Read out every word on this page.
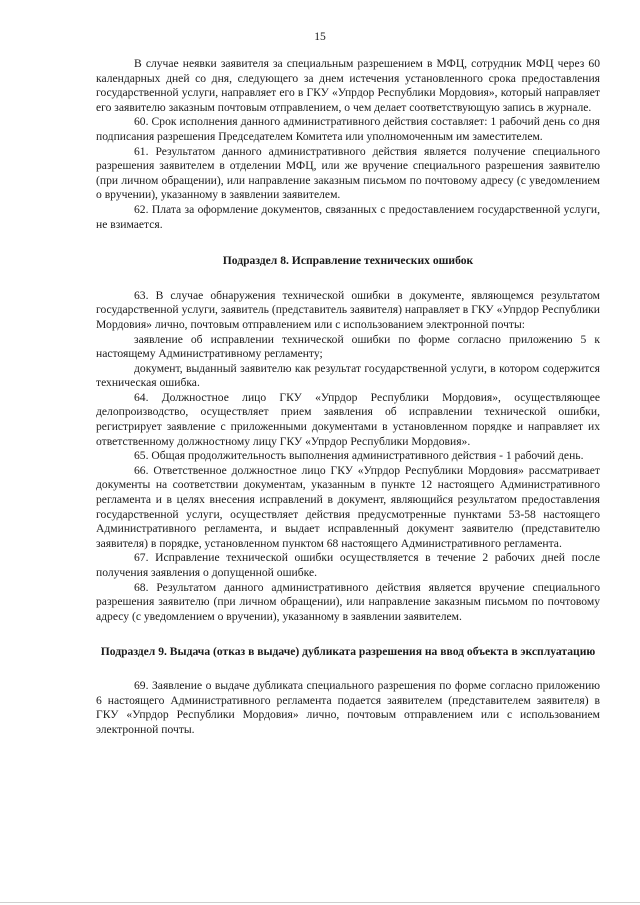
15

В случае неявки заявителя за специальным разрешением в МФЦ, сотрудник МФЦ через 60 календарных дней со дня, следующего за днем истечения установленного срока предоставления государственной услуги, направляет его в ГКУ «Упрдор Республики Мордовия», который направляет его заявителю заказным почтовым отправлением, о чем делает соответствующую запись в журнале.

60. Срок исполнения данного административного действия составляет: 1 рабочий день со дня подписания разрешения Председателем Комитета или уполномоченным им заместителем.

61. Результатом данного административного действия является получение специального разрешения заявителем в отделении МФЦ, или же вручение специального разрешения заявителю (при личном обращении), или направление заказным письмом по почтовому адресу (с уведомлением о вручении), указанному в заявлении заявителем.

62. Плата за оформление документов, связанных с предоставлением государственной услуги, не взимается.

Подраздел 8. Исправление технических ошибок

63. В случае обнаружения технической ошибки в документе, являющемся результатом государственной услуги, заявитель (представитель заявителя) направляет в ГКУ «Упрдор Республики Мордовия» лично, почтовым отправлением или с использованием электронной почты:

заявление об исправлении технической ошибки по форме согласно приложению 5 к настоящему Административному регламенту;

документ, выданный заявителю как результат государственной услуги, в котором содержится техническая ошибка.

64. Должностное лицо ГКУ «Упрдор Республики Мордовия», осуществляющее делопроизводство, осуществляет прием заявления об исправлении технической ошибки, регистрирует заявление с приложенными документами в установленном порядке и направляет их ответственному должностному лицу ГКУ «Упрдор Республики Мордовия».

65. Общая продолжительность выполнения административного действия - 1 рабочий день.

66. Ответственное должностное лицо ГКУ «Упрдор Республики Мордовия» рассматривает документы на соответствии документам, указанным в пункте 12 настоящего Административного регламента и в целях внесения исправлений в документ, являющийся результатом предоставления государственной услуги, осуществляет действия предусмотренные пунктами 53-58 настоящего Административного регламента, и выдает исправленный документ заявителю (представителю заявителя) в порядке, установленном пунктом 68 настоящего Административного регламента.

67. Исправление технической ошибки осуществляется в течение 2 рабочих дней после получения заявления о допущенной ошибке.

68. Результатом данного административного действия является вручение специального разрешения заявителю (при личном обращении), или направление заказным письмом по почтовому адресу (с уведомлением о вручении), указанному в заявлении заявителем.

Подраздел 9. Выдача (отказ в выдаче) дубликата разрешения на ввод объекта в эксплуатацию

69. Заявление о выдаче дубликата специального разрешения по форме согласно приложению 6 настоящего Административного регламента подается заявителем (представителем заявителя) в ГКУ «Упрдор Республики Мордовия» лично, почтовым отправлением или с использованием электронной почты.
